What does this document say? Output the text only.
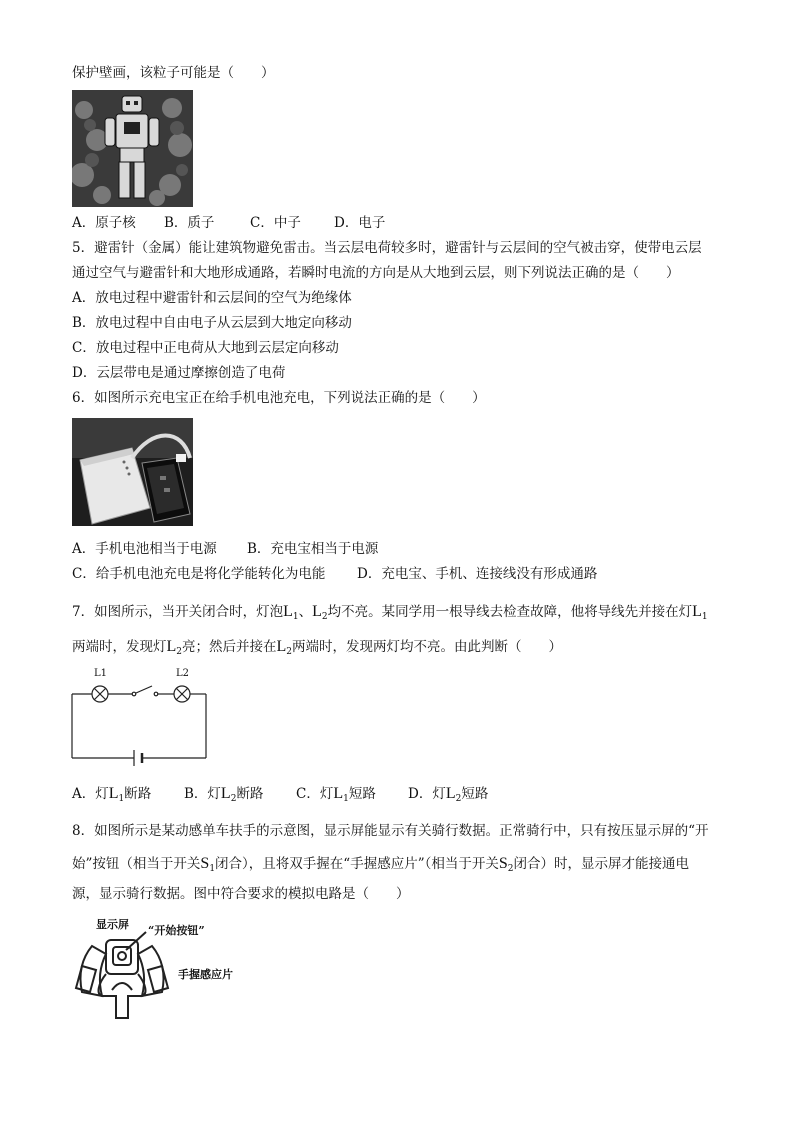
保护壁画，该粒子可能是（　　）
A．原子核 B．质子	C．中子 D．电子
5．避雷针（金属）能让建筑物避免雷击。当云层电荷较多时，避雷针与云层间的空气被击穿，使带电云层
通过空气与避雷针和大地形成通路，若瞬时电流的方向是从大地到云层，则下列说法正确的是（　　）
A．放电过程中避雷针和云层间的空气为绝缘体
B．放电过程中自由电子从云层到大地定向移动
C．放电过程中正电荷从大地到云层定向移动
D．云层带电是通过摩擦创造了电荷
6．如图所示充电宝正在给手机电池充电，下列说法正确的是（　　）
A．手机电池相当于电源 B．充电宝相当于电源
C．给手机电池充电是将化学能转化为电能 D．充电宝、手机、连接线没有形成通路
7．如图所示，当开关闭合时，灯泡$L_1$、$L_2$均不亮。某同学用一根导线去检查故障，他将导线先并接在灯$L_1$
两端时，发现灯$L_2$亮；然后并接在$L_2$两端时，发现两灯均不亮。由此判断（　　）
L1	L2
A．灯L1断路 B．灯L2断路 C．灯L1短路 D．灯L2短路
8．如图所示是某动感单车扶手的示意图，显示屏能显示有关骑行数据。正常骑行中，只有按压显示屏的“开
始”按钮（相当于开关$S_1$闭合），且将双手握在“手握感应片”（相当于开关$S_2$闭合）时，显示屏才能接通电
源，显示骑行数据。图中符合要求的模拟电路是（　　）
显示屏 “开始按钮”
手握感应片
